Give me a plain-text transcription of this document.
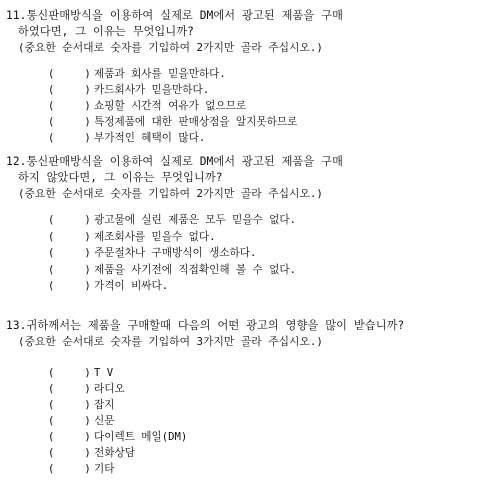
11.통신판매방식을 이용하여 실제로 DM에서 광고된 제품을 구매
하였다면, 그 이유는 무엇입니까?
(중요한 순서대로 숫자를 기입하여 2가지만 골라 주십시오.)
(	) 제품과 회사를 믿을만하다.
(	) 카드회사가 믿을만하다.
(	) 쇼핑할 시간적 여유가 없으므로
(	) 특정제품에 대한 판매상점을 알지못하므로
(	) 부가적인 혜택이 많다.
12.통신판매방식을 이용하여 실제로 DM에서 광고된 제품을 구매
하지 않았다면, 그 이유는 무엇입니까?
(중요한 순서대로 숫자를 기입하여 2가지만 골라 주십시오.)
(	) 광고물에 실린 제품은 모두 믿을수 없다.
(	) 제조회사를 믿을수 없다.
(	) 주문절차나 구매방식이 생소하다.
(	) 제품을 사기전에 직접확인해 볼 수 없다.
(	) 가격이 비싸다.
13.귀하께서는 제품을 구매할때 다음의 어떤 광고의 영향을 많이 받습니까?
(중요한 순서대로 숫자를 기입하여 3가지만 골라 주십시오.)
(	) T V
(	) 라디오
(	) 잡지
(	) 신문
(	) 다이렉트 메일(DM)
(	) 전화상담
(	) 기타
